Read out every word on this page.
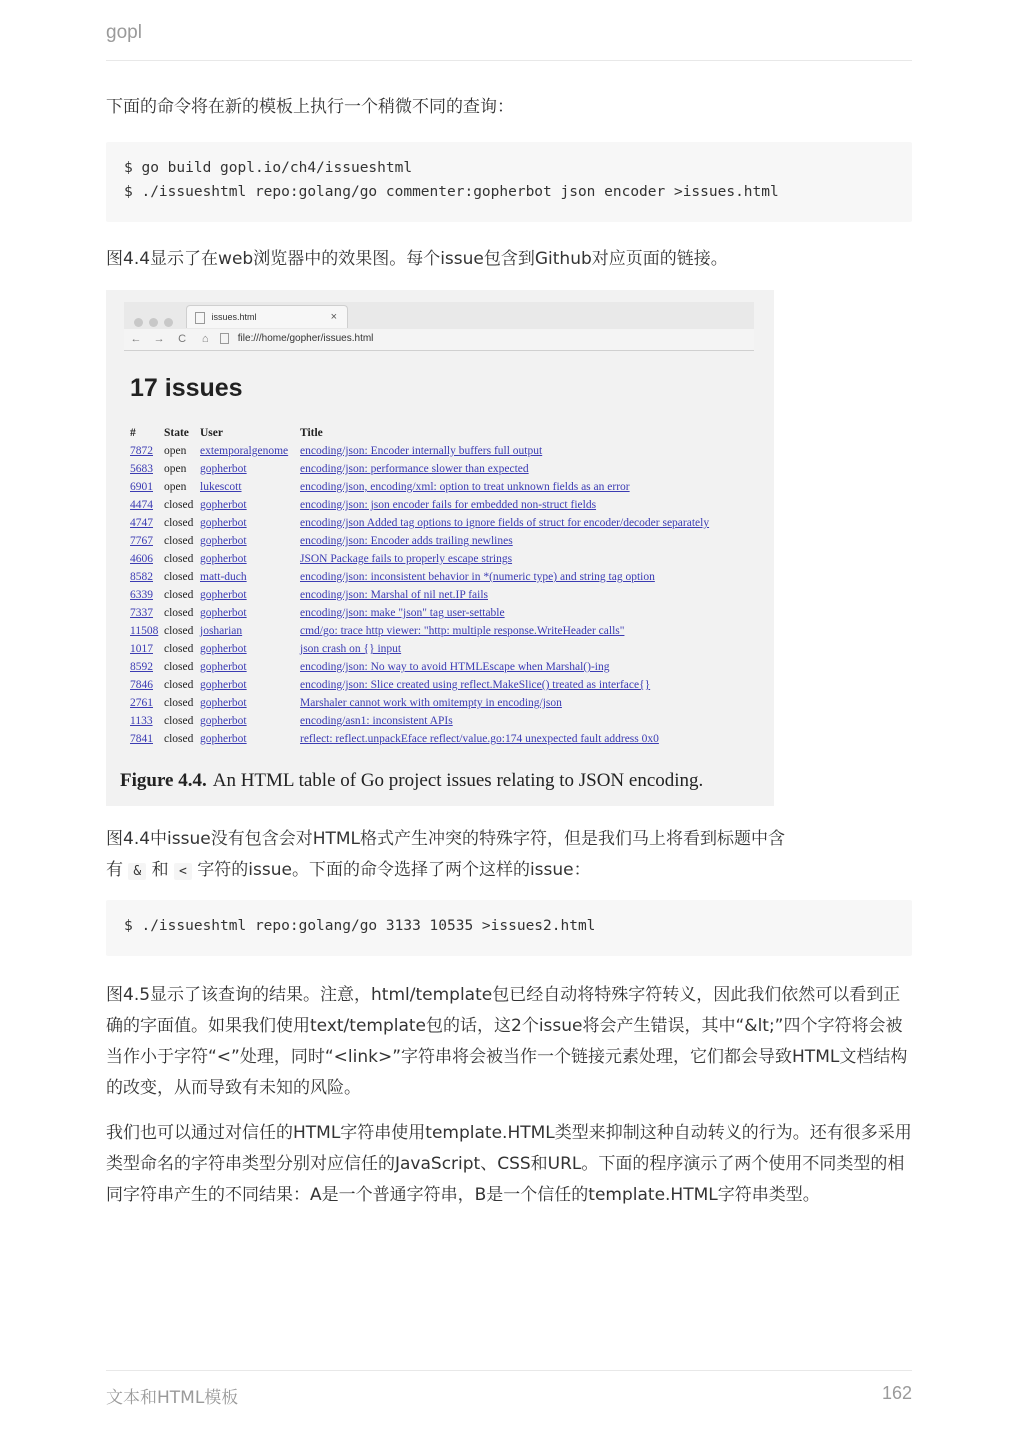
gopl

下面的命令将在新的模板上执行一个稍微不同的查询：

$ go build gopl.io/ch4/issueshtml
$ ./issueshtml repo:golang/go commenter:gopherbot json encoder >issues.html

图4.4显示了在web浏览器中的效果图。每个issue包含到Github对应页面的链接。

issues.html	×
← → C ⌂	file:///home/gopher/issues.html
17 issues
#	State	User	Title
7872	open	extemporalgenome	encoding/json: Encoder internally buffers full output
5683	open	gopherbot	encoding/json: performance slower than expected
6901	open	lukescott	encoding/json, encoding/xml: option to treat unknown fields as an error
4474	closed	gopherbot	encoding/json: json encoder fails for embedded non-struct fields
4747	closed	gopherbot	encoding/json Added tag options to ignore fields of struct for encoder/decoder separately
7767	closed	gopherbot	encoding/json: Encoder adds trailing newlines
4606	closed	gopherbot	JSON Package fails to properly escape strings
8582	closed	matt-duch	encoding/json: inconsistent behavior in *(numeric type) and string tag option
6339	closed	gopherbot	encoding/json: Marshal of nil net.IP fails
7337	closed	gopherbot	encoding/json: make "json" tag user-settable
11508	closed	josharian	cmd/go: trace http viewer: "http: multiple response.WriteHeader calls"
1017	closed	gopherbot	json crash on {} input
8592	closed	gopherbot	encoding/json: No way to avoid HTMLEscape when Marshal()-ing
7846	closed	gopherbot	encoding/json: Slice created using reflect.MakeSlice() treated as interface{}
2761	closed	gopherbot	Marshaler cannot work with omitempty in encoding/json
1133	closed	gopherbot	encoding/asn1: inconsistent APIs
7841	closed	gopherbot	reflect: reflect.unpackEface reflect/value.go:174 unexpected fault address 0x0
Figure 4.4. An HTML table of Go project issues relating to JSON encoding.
图4.4中issue没有包含会对HTML格式产生冲突的特殊字符，但是我们马上将看到标题中含
有 & 和 < 字符的issue。下面的命令选择了两个这样的issue：
$ ./issueshtml repo:golang/go 3133 10535 >issues2.html

图4.5显示了该查询的结果。注意，html/template包已经自动将特殊字符转义，因此我们依然可以看到正确的字面值。如果我们使用text/template包的话，这2个issue将会产生错误，其中“&lt;”四个字符将会被当作小于字符“<”处理，同时“<link>”字符串将会被当作一个链接元素处理，它们都会导致HTML文档结构的改变，从而导致有未知的风险。

我们也可以通过对信任的HTML字符串使用template.HTML类型来抑制这种自动转义的行为。还有很多采用类型命名的字符串类型分别对应信任的JavaScript、CSS和URL。下面的程序演示了两个使用不同类型的相同字符串产生的不同结果：A是一个普通字符串，B是一个信任的template.HTML字符串类型。

文本和HTML模板	162
